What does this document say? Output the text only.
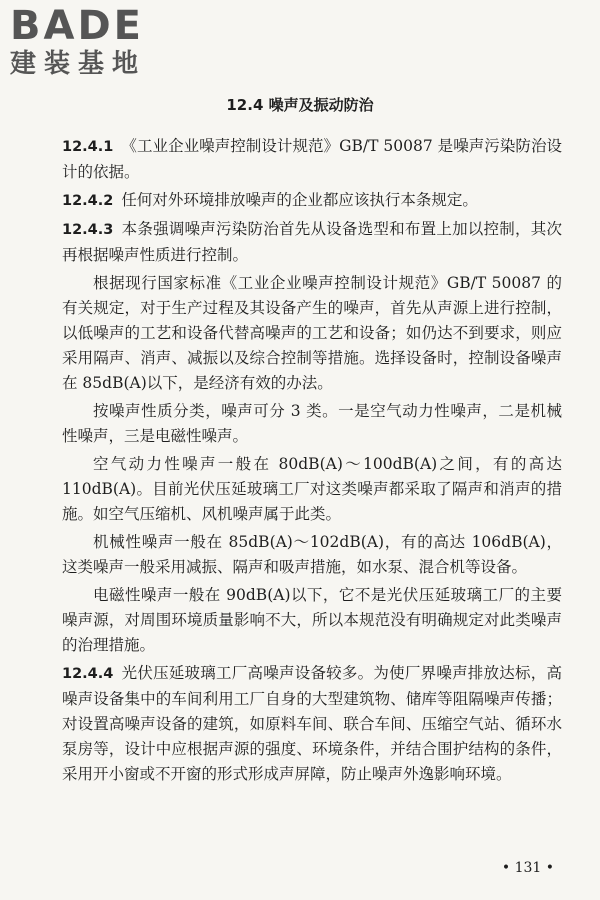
BADE
建装基地
12.4 噪声及振动防治

12.4.1 《工业企业噪声控制设计规范》GB/T 50087 是噪声污染防治设计的依据。

12.4.2 任何对外环境排放噪声的企业都应该执行本条规定。

12.4.3 本条强调噪声污染防治首先从设备选型和布置上加以控制，其次再根据噪声性质进行控制。

根据现行国家标准《工业企业噪声控制设计规范》GB/T 50087 的有关规定，对于生产过程及其设备产生的噪声，首先从声源上进行控制，以低噪声的工艺和设备代替高噪声的工艺和设备；如仍达不到要求，则应采用隔声、消声、减振以及综合控制等措施。选择设备时，控制设备噪声在 85dB(A)以下，是经济有效的办法。

按噪声性质分类，噪声可分 3 类。一是空气动力性噪声，二是机械性噪声，三是电磁性噪声。

空气动力性噪声一般在 80dB(A)～100dB(A)之间，有的高达 110dB(A)。目前光伏压延玻璃工厂对这类噪声都采取了隔声和消声的措施。如空气压缩机、风机噪声属于此类。

机械性噪声一般在 85dB(A)～102dB(A)，有的高达 106dB(A)，这类噪声一般采用减振、隔声和吸声措施，如水泵、混合机等设备。

电磁性噪声一般在 90dB(A)以下，它不是光伏压延玻璃工厂的主要噪声源，对周围环境质量影响不大，所以本规范没有明确规定对此类噪声的治理措施。

12.4.4 光伏压延玻璃工厂高噪声设备较多。为使厂界噪声排放达标，高噪声设备集中的车间利用工厂自身的大型建筑物、储库等阻隔噪声传播；对设置高噪声设备的建筑，如原料车间、联合车间、压缩空气站、循环水泵房等，设计中应根据声源的强度、环境条件，并结合围护结构的条件，采用开小窗或不开窗的形式形成声屏障，防止噪声外逸影响环境。

• 131 •
